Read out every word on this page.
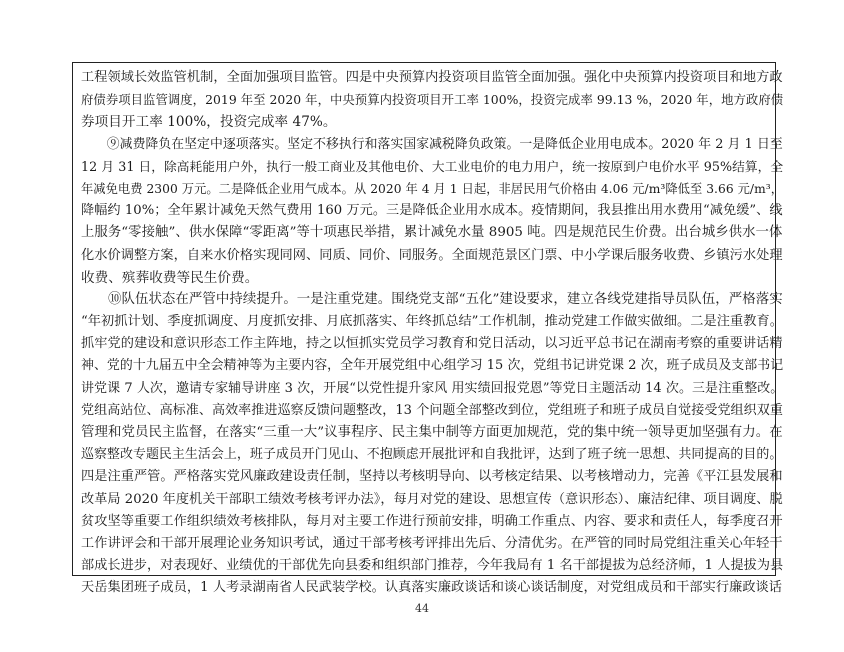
工程领域长效监管机制，全面加强项目监管。四是中央预算内投资项目监管全面加强。强化中央预算内投资项目和地方政
府债券项目监管调度，2019 年至 2020 年，中央预算内投资项目开工率 100%，投资完成率 99.13 %，2020 年，地方政府债
券项目开工率 100%，投资完成率 47%。
　　⑨减费降负在坚定中逐项落实。坚定不移执行和落实国家减税降负政策。一是降低企业用电成本。2020 年 2 月 1 日至
12 月 31 日，除高耗能用户外，执行一般工商业及其他电价、大工业电价的电力用户，统一按原到户电价水平 95%结算，全
年减免电费 2300 万元。二是降低企业用气成本。从 2020 年 4 月 1 日起，非居民用气价格由 4.06 元/m³降低至 3.66 元/m³，
降幅约 10%；全年累计减免天然气费用 160 万元。三是降低企业用水成本。疫情期间，我县推出用水费用“减免缓”、线
上服务“零接触”、供水保障“零距离”等十项惠民举措，累计减免水量 8905 吨。四是规范民生价费。出台城乡供水一体
化水价调整方案，自来水价格实现同网、同质、同价、同服务。全面规范景区门票、中小学课后服务收费、乡镇污水处理
收费、殡葬收费等民生价费。
　　⑩队伍状态在严管中持续提升。一是注重党建。围绕党支部“五化”建设要求，建立各线党建指导员队伍，严格落实
“年初抓计划、季度抓调度、月度抓安排、月底抓落实、年终抓总结”工作机制，推动党建工作做实做细。二是注重教育。
抓牢党的建设和意识形态工作主阵地，持之以恒抓实党员学习教育和党日活动，以习近平总书记在湖南考察的重要讲话精
神、党的十九届五中全会精神等为主要内容，全年开展党组中心组学习 15 次，党组书记讲党课 2 次，班子成员及支部书记
讲党课 7 人次，邀请专家辅导讲座 3 次，开展“以党性提升家风 用实绩回报党恩”等党日主题活动 14 次。三是注重整改。
党组高站位、高标准、高效率推进巡察反馈问题整改，13 个问题全部整改到位，党组班子和班子成员自觉接受党组织双重
管理和党员民主监督，在落实“三重一大”议事程序、民主集中制等方面更加规范，党的集中统一领导更加坚强有力。在
巡察整改专题民主生活会上，班子成员开门见山、不抱顾虑开展批评和自我批评，达到了班子统一思想、共同提高的目的。
四是注重严管。严格落实党风廉政建设责任制，坚持以考核明导向、以考核定结果、以考核增动力，完善《平江县发展和
改革局 2020 年度机关干部职工绩效考核考评办法》，每月对党的建设、思想宣传（意识形态）、廉洁纪律、项目调度、脱
贫攻坚等重要工作组织绩效考核排队，每月对主要工作进行预前安排，明确工作重点、内容、要求和责任人，每季度召开
工作讲评会和干部开展理论业务知识考试，通过干部考核考评排出先后、分清优劣。在严管的同时局党组注重关心年轻干
部成长进步，对表现好、业绩优的干部优先向县委和组织部门推荐，今年我局有 1 名干部提拔为总经济师，1 人提拔为县
天岳集团班子成员，1 人考录湖南省人民武装学校。认真落实廉政谈话和谈心谈话制度，对党组成员和干部实行廉政谈话
44
